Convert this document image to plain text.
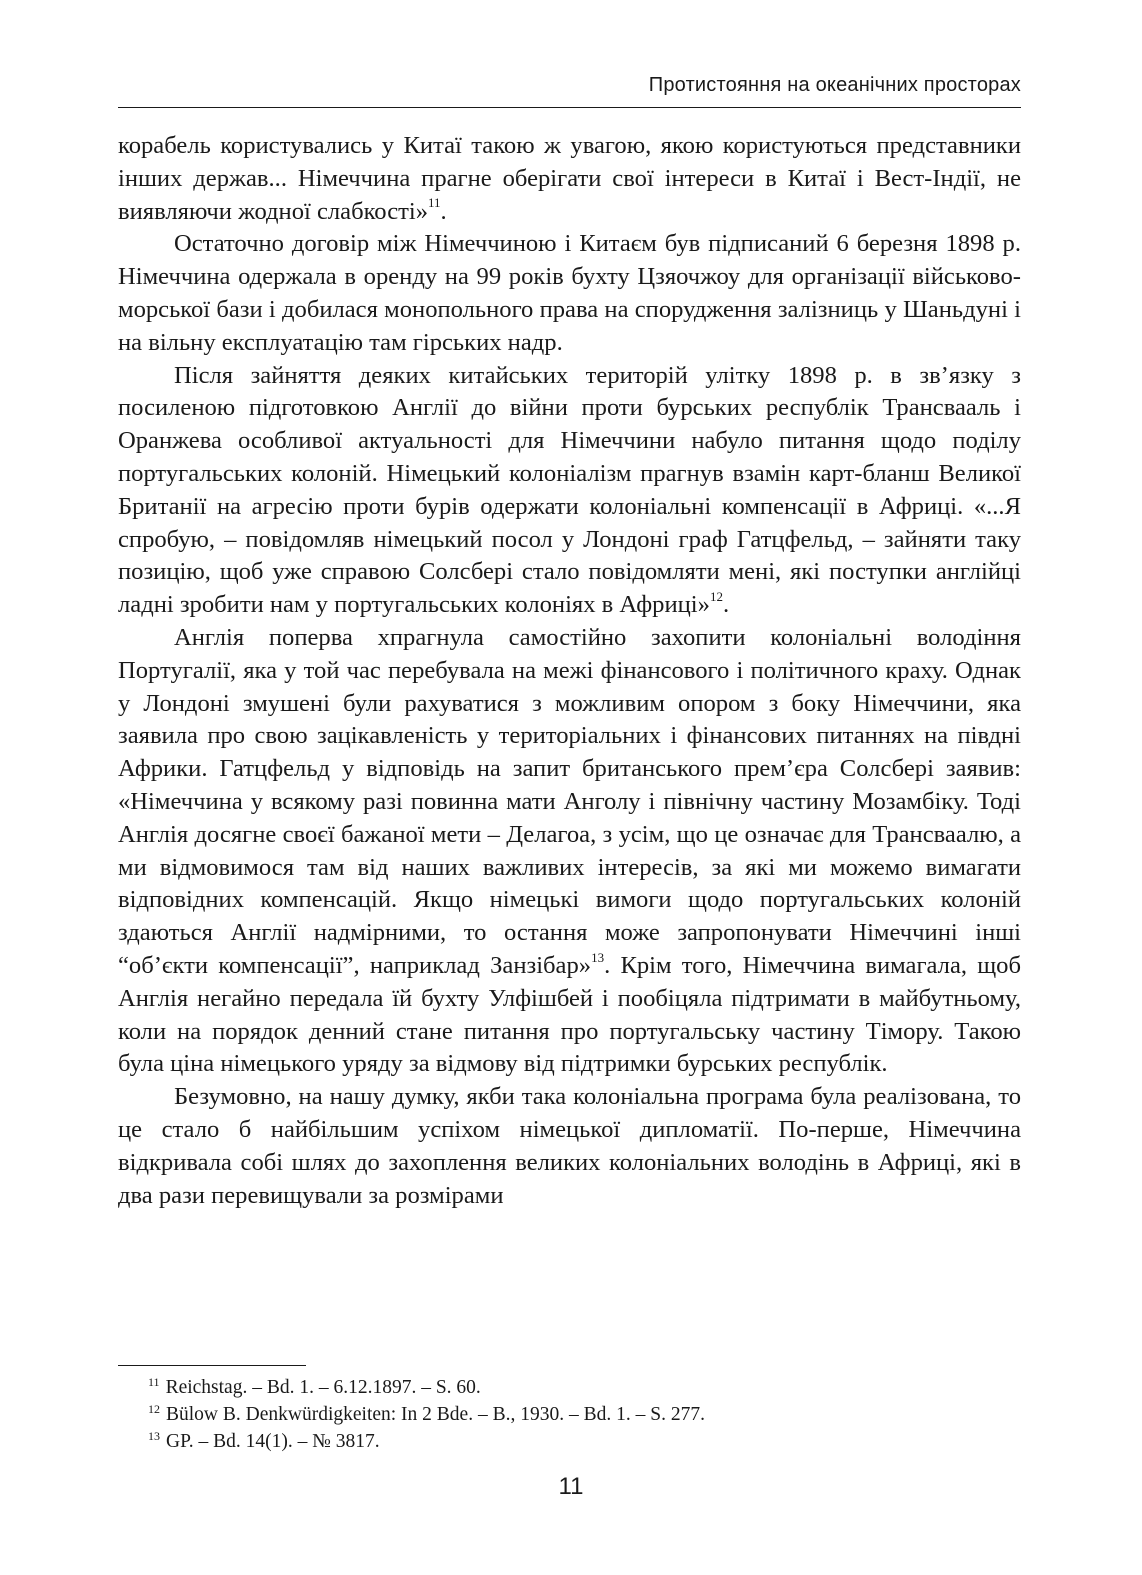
Протистояння на океанічних просторах

корабель користувались у Китаї такою ж увагою, якою користуються представники інших держав... Німеччина прагне оберігати свої інтереси в Китаї і Вест-Індії, не виявляючи жодної слабкості»$^{11}$.

Остаточно договір між Німеччиною і Китаєм був підписаний 6 березня 1898 р. Німеччина одержала в оренду на 99 років бухту Цзяочжоу для організації військово-морської бази і добилася монопольного права на спорудження залізниць у Шаньдуні і на вільну експлуатацію там гірських надр.

Після зайняття деяких китайських територій улітку 1898 р. в зв’язку з посиленою підготовкою Англії до війни проти бурських республік Трансвааль і Оранжева особливої актуальності для Німеччини набуло питання щодо поділу португальських колоній. Німецький колоніалізм прагнув взамін карт-бланш Великої Британії на агресію проти бурів одержати колоніальні компенсації в Африці. «...Я спробую, – повідомляв німецький посол у Лондоні граф Гатцфельд, – зайняти таку позицію, щоб уже справою Солсбері стало повідомляти мені, які поступки англійці ладні зробити нам у португальських колоніях в Африці»$^{12}$.

Англія поперва хпрагнула самостійно захопити колоніальні володіння Португалії, яка у той час перебувала на межі фінансового і політичного краху. Однак у Лондоні змушені були рахуватися з можливим опором з боку Німеччини, яка заявила про свою зацікавленість у територіальних і фінансових питаннях на півдні Африки. Гатцфельд у відповідь на запит британського прем’єра Солсбері заявив: «Німеччина у всякому разі повинна мати Анголу і північну частину Мозамбіку. Тоді Англія досягне своєї бажаної мети – Делагоа, з усім, що це означає для Трансваалю, а ми відмовимося там від наших важливих інтересів, за які ми можемо вимагати відповідних компенсацій. Якщо німецькі вимоги щодо португальських колоній здаються Англії надмірними, то остання може запропонувати Німеччині інші “об’єкти компенсації”, наприклад Занзібар»$^{13}$. Крім того, Німеччина вимагала, щоб Англія негайно передала їй бухту Улфішбей і пообіцяла підтримати в майбутньому, коли на порядок денний стане питання про португальську частину Тімору. Такою була ціна німецького уряду за відмову від підтримки бурських республік.

Безумовно, на нашу думку, якби така колоніальна програма була реалізована, то це стало б найбільшим успіхом німецької дипломатії. По-перше, Німеччина відкривала собі шлях до захоплення великих колоніальних володінь в Африці, які в два рази перевищували за розмірами

$^{11}$ Reichstag. – Bd. 1. – 6.12.1897. – S. 60.
$^{12}$ Bülow B. Denkwürdigkeiten: In 2 Bde. – B., 1930. – Bd. 1. – S. 277.
$^{13}$ GP. – Bd. 14(1). – № 3817.
11
